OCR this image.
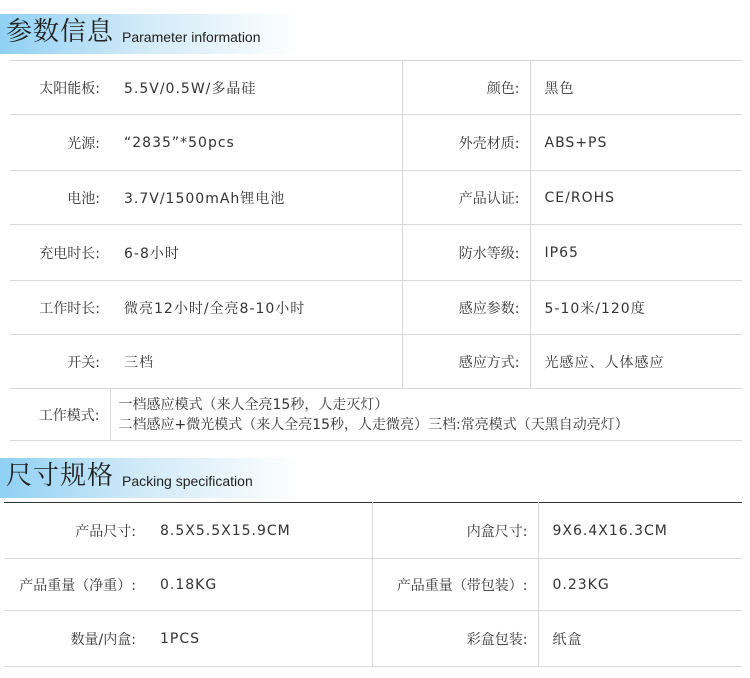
参数信息 Parameter information
太阳能板:	5.5V/0.5W/多晶硅	颜色:	黑色
光源:	“2835”*50pcs	外壳材质:	ABS+PS
电池:	3.7V/1500mAh锂电池	产品认证:	CE/ROHS
充电时长:	6-8小时	防水等级:	IP65
工作时长:	微亮12小时/全亮8-10小时	感应参数:	5-10米/120度
开关:	三档	感应方式:	光感应、人体感应
工作模式:	一档感应模式（来人全亮15秒，人走灭灯）
二档感应+微光模式（来人全亮15秒，人走微亮）三档:常亮模式（天黑自动亮灯）		
尺寸规格 Packing specification
产品尺寸:	8.5X5.5X15.9CM	内盒尺寸:	9X6.4X16.3CM
产品重量（净重）:	0.18KG	产品重量（带包装）:	0.23KG
数量/内盒:	1PCS	彩盒包装:	纸盒
